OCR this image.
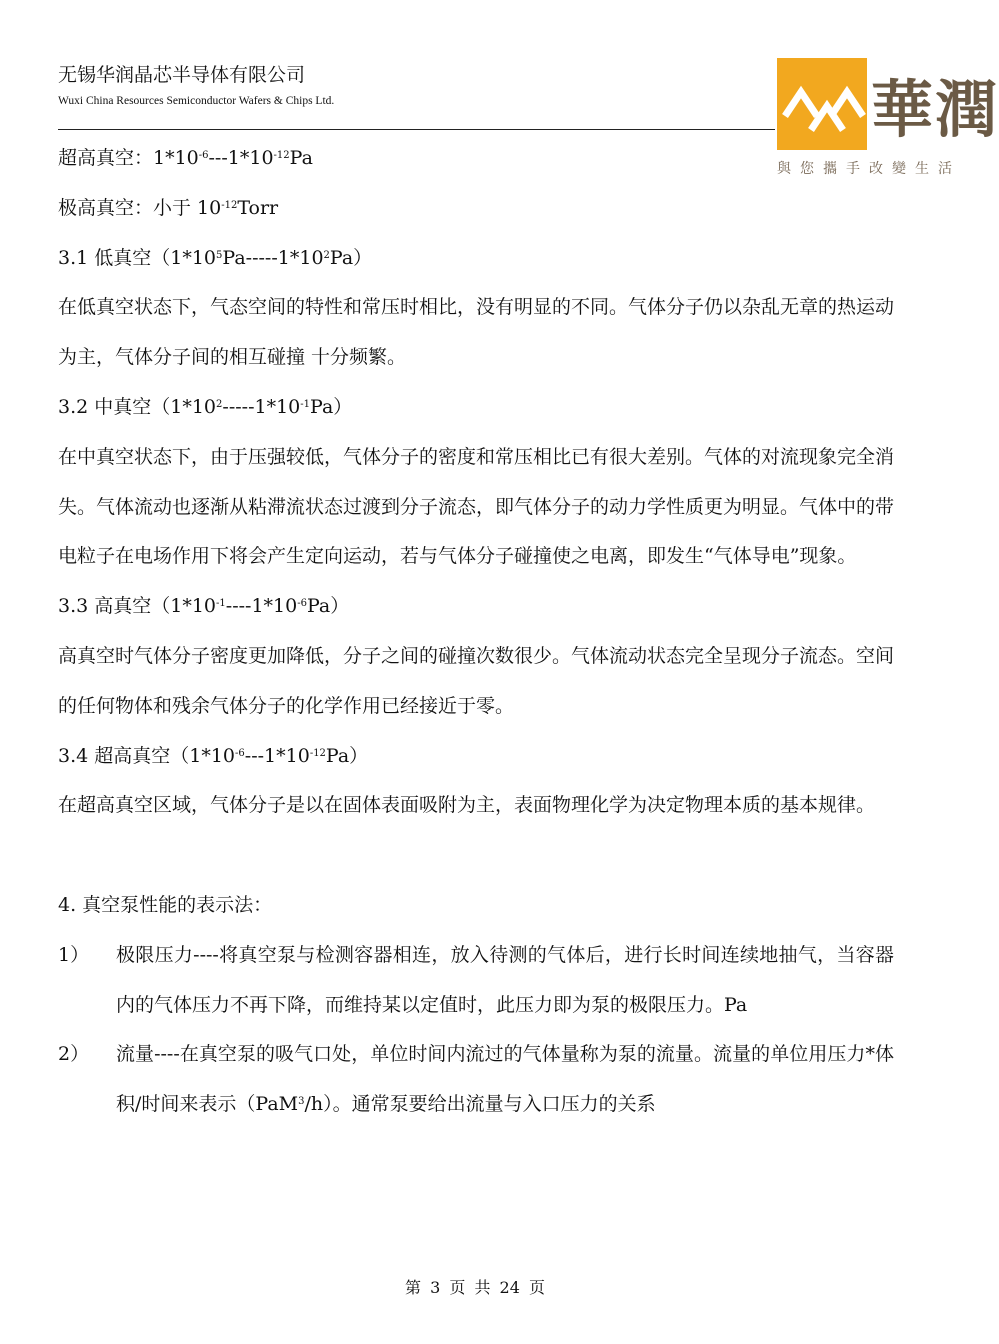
无锡华润晶芯半导体有限公司
Wuxi China Resources Semiconductor Wafers & Chips Ltd.	華潤
與您攜手改變生活

超高真空：$1*10^{-6}---1*10^{-12}Pa$

极高真空：小于 $10^{-12}Torr$

3.1 低真空$(1*10^5Pa-----1*10^2Pa)$

在低真空状态下，气态空间的特性和常压时相比，没有明显的不同。气体分子仍以杂乱无章的热运动为主，气体分子间的相互碰撞 十分频繁。

3.2 中真空$(1*10^2-----1*10^{-1}Pa)$

在中真空状态下，由于压强较低，气体分子的密度和常压相比已有很大差别。气体的对流现象完全消失。气体流动也逐渐从粘滞流状态过渡到分子流态，即气体分子的动力学性质更为明显。气体中的带电粒子在电场作用下将会产生定向运动，若与气体分子碰撞使之电离，即发生“气体导电”现象。

3.3 高真空$(1*10^{-1}----1*10^{-6}Pa)$

高真空时气体分子密度更加降低，分子之间的碰撞次数很少。气体流动状态完全呈现分子流态。空间的任何物体和残余气体分子的化学作用已经接近于零。

3.4 超高真空$(1*10^{-6}---1*10^{-12}Pa)$

在超高真空区域，气体分子是以在固体表面吸附为主，表面物理化学为决定物理本质的基本规律。

4. 真空泵性能的表示法：

1）	极限压力----将真空泵与检测容器相连，放入待测的气体后，进行长时间连续地抽气，当容器内的气体压力不再下降，而维持某以定值时，此压力即为泵的极限压力。Pa
2）	流量----在真空泵的吸气口处，单位时间内流过的气体量称为泵的流量。流量的单位用压力*体积/时间来表示（PaM$^3$/h）。通常泵要给出流量与入口压力的关系
第 3 页 共 24 页
